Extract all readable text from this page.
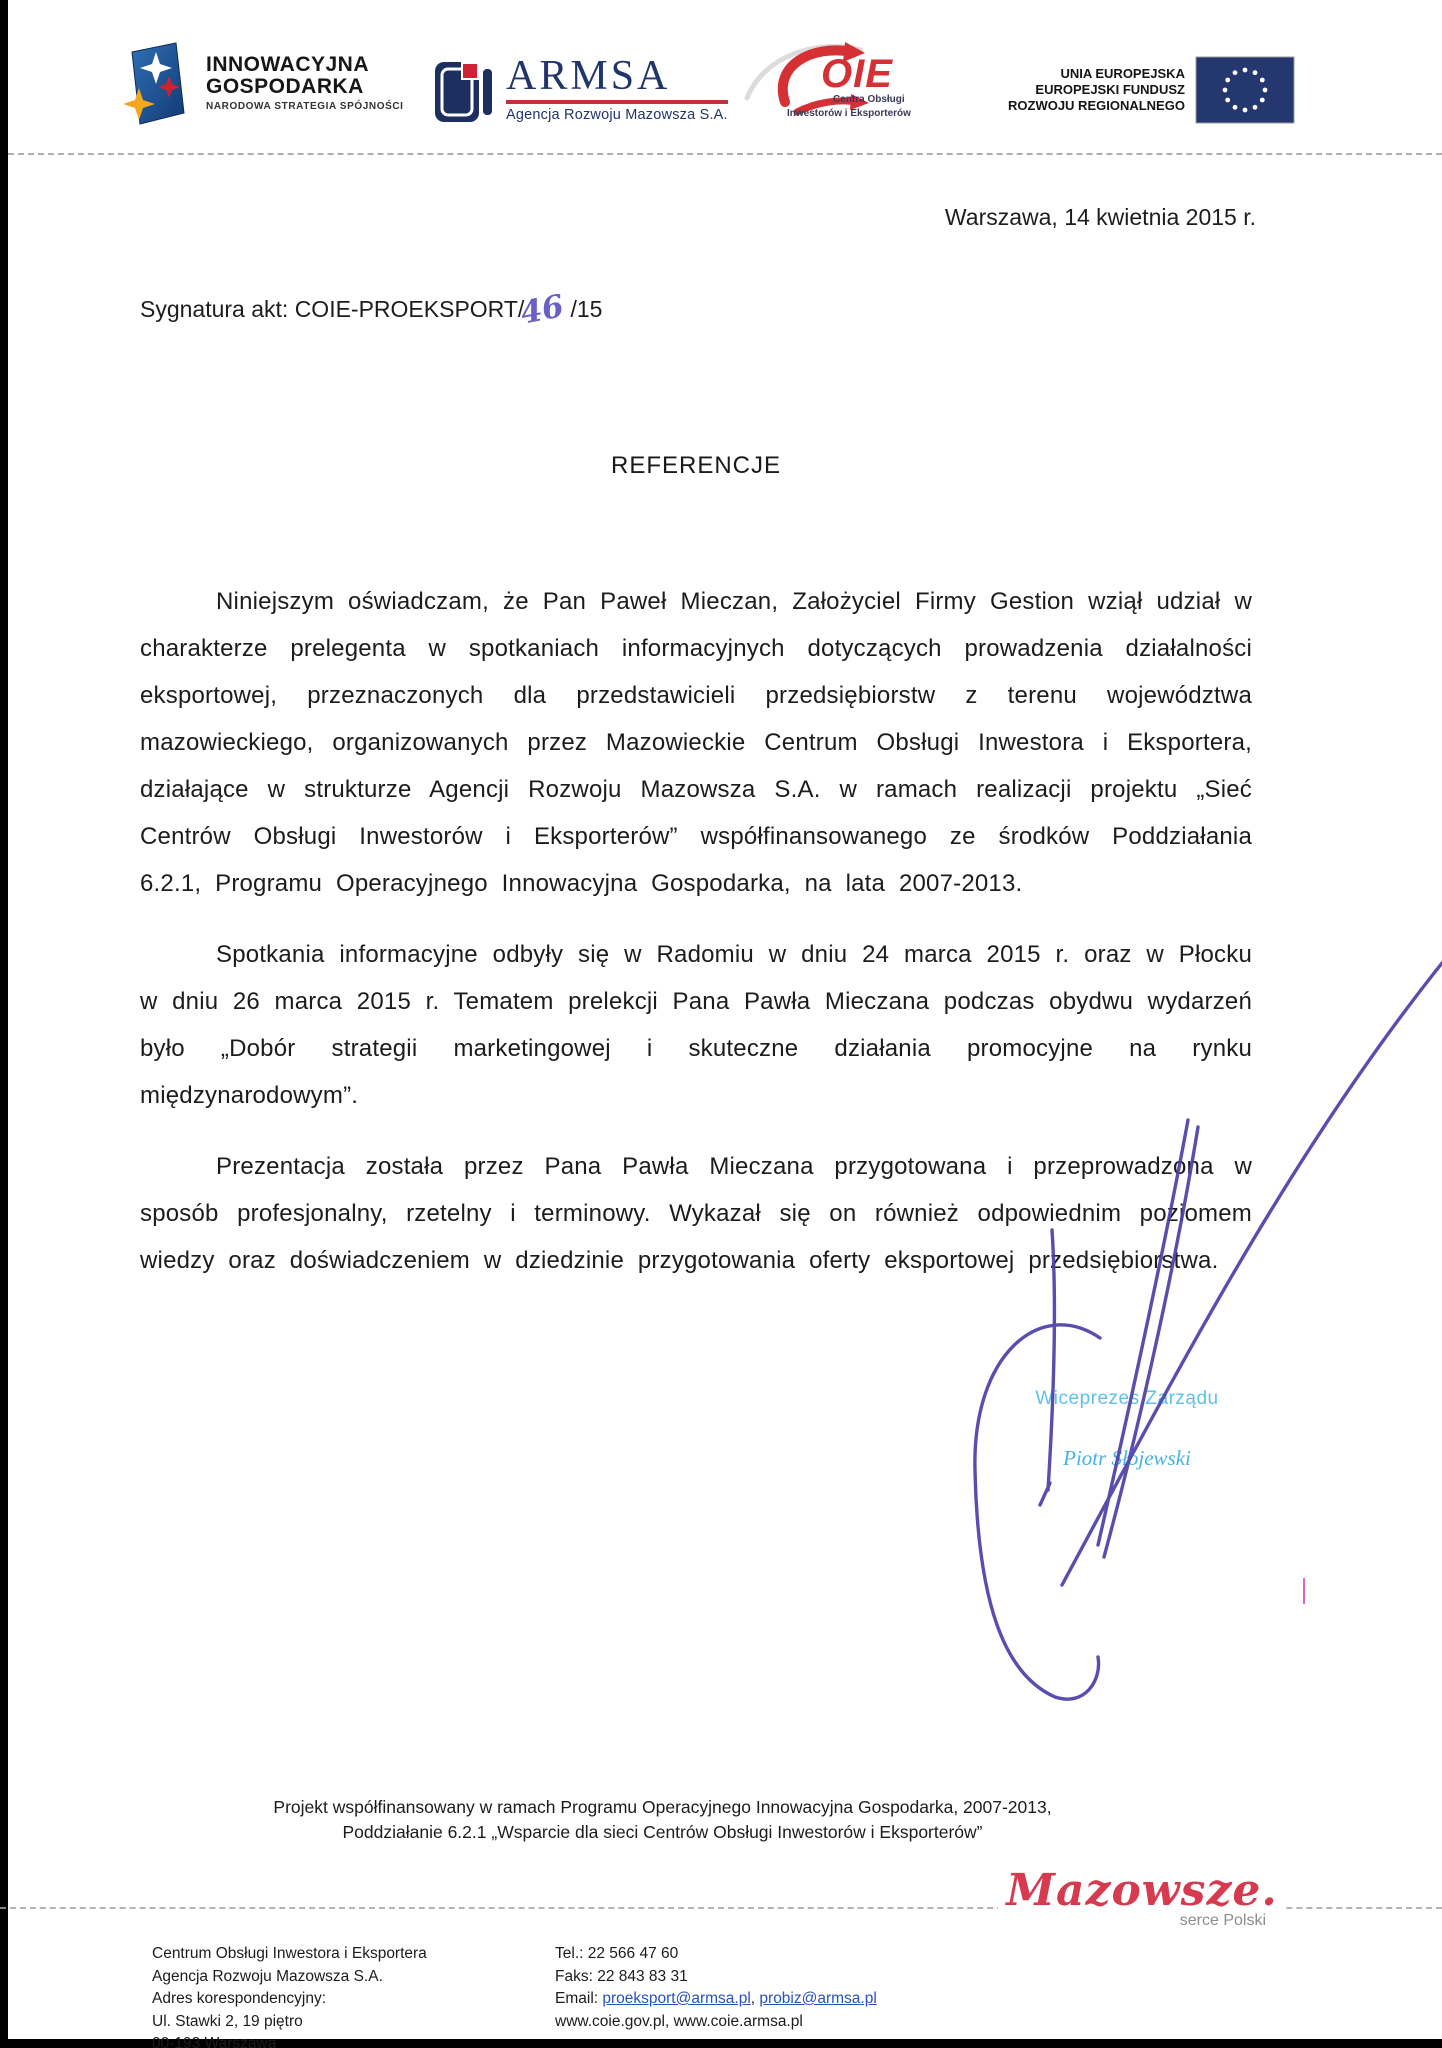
INNOWACYJNA
GOSPODARKA
NARODOWA STRATEGIA SPÓJNOŚCI
ARMSA
Agencja Rozwoju Mazowsza S.A.
OIE
Centra Obsługi
Inwestorów i Eksporterów
UNIA EUROPEJSKA
EUROPEJSKI FUNDUSZ
ROZWOJU REGIONALNEGO
Warszawa, 14 kwietnia 2015 r.
Sygnatura akt: COIE-PROEKSPORT/46 /15
REFERENCJE

Niniejszym oświadczam, że Pan Paweł Mieczan, Założyciel Firmy Gestion wziął udział w charakterze prelegenta w spotkaniach informacyjnych dotyczących prowadzenia działalności eksportowej, przeznaczonych dla przedstawicieli przedsiębiorstw z terenu województwa mazowieckiego, organizowanych przez Mazowieckie Centrum Obsługi Inwestora i Eksportera, działające w strukturze Agencji Rozwoju Mazowsza S.A. w ramach realizacji projektu „Sieć Centrów Obsługi Inwestorów i Eksporterów” współfinansowanego ze środków Poddziałania 6.2.1, Programu Operacyjnego Innowacyjna Gospodarka, na lata 2007-2013.

Spotkania informacyjne odbyły się w Radomiu w dniu 24 marca 2015 r. oraz w Płocku w dniu 26 marca 2015 r. Tematem prelekcji Pana Pawła Mieczana podczas obydwu wydarzeń było „Dobór strategii marketingowej i skuteczne działania promocyjne na rynku międzynarodowym”.

Prezentacja została przez Pana Pawła Mieczana przygotowana i przeprowadzona w sposób profesjonalny, rzetelny i terminowy. Wykazał się on również odpowiednim poziomem wiedzy oraz doświadczeniem w dziedzinie przygotowania oferty eksportowej przedsiębiorstwa.

Wiceprezes Zarządu
Piotr Słojewski
Projekt współfinansowany w ramach Programu Operacyjnego Innowacyjna Gospodarka, 2007-2013,
Poddziałanie 6.2.1 „Wsparcie dla sieci Centrów Obsługi Inwestorów i Eksporterów”
Mazowsze.
serce Polski
Centrum Obsługi Inwestora i Eksportera
Agencja Rozwoju Mazowsza S.A.
Adres korespondencyjny:
Ul. Stawki 2, 19 piętro
00-193 Warszawa
Tel.: 22 566 47 60
Faks: 22 843 83 31
Email: proeksport@armsa.pl, probiz@armsa.pl
www.coie.gov.pl, www.coie.armsa.pl
